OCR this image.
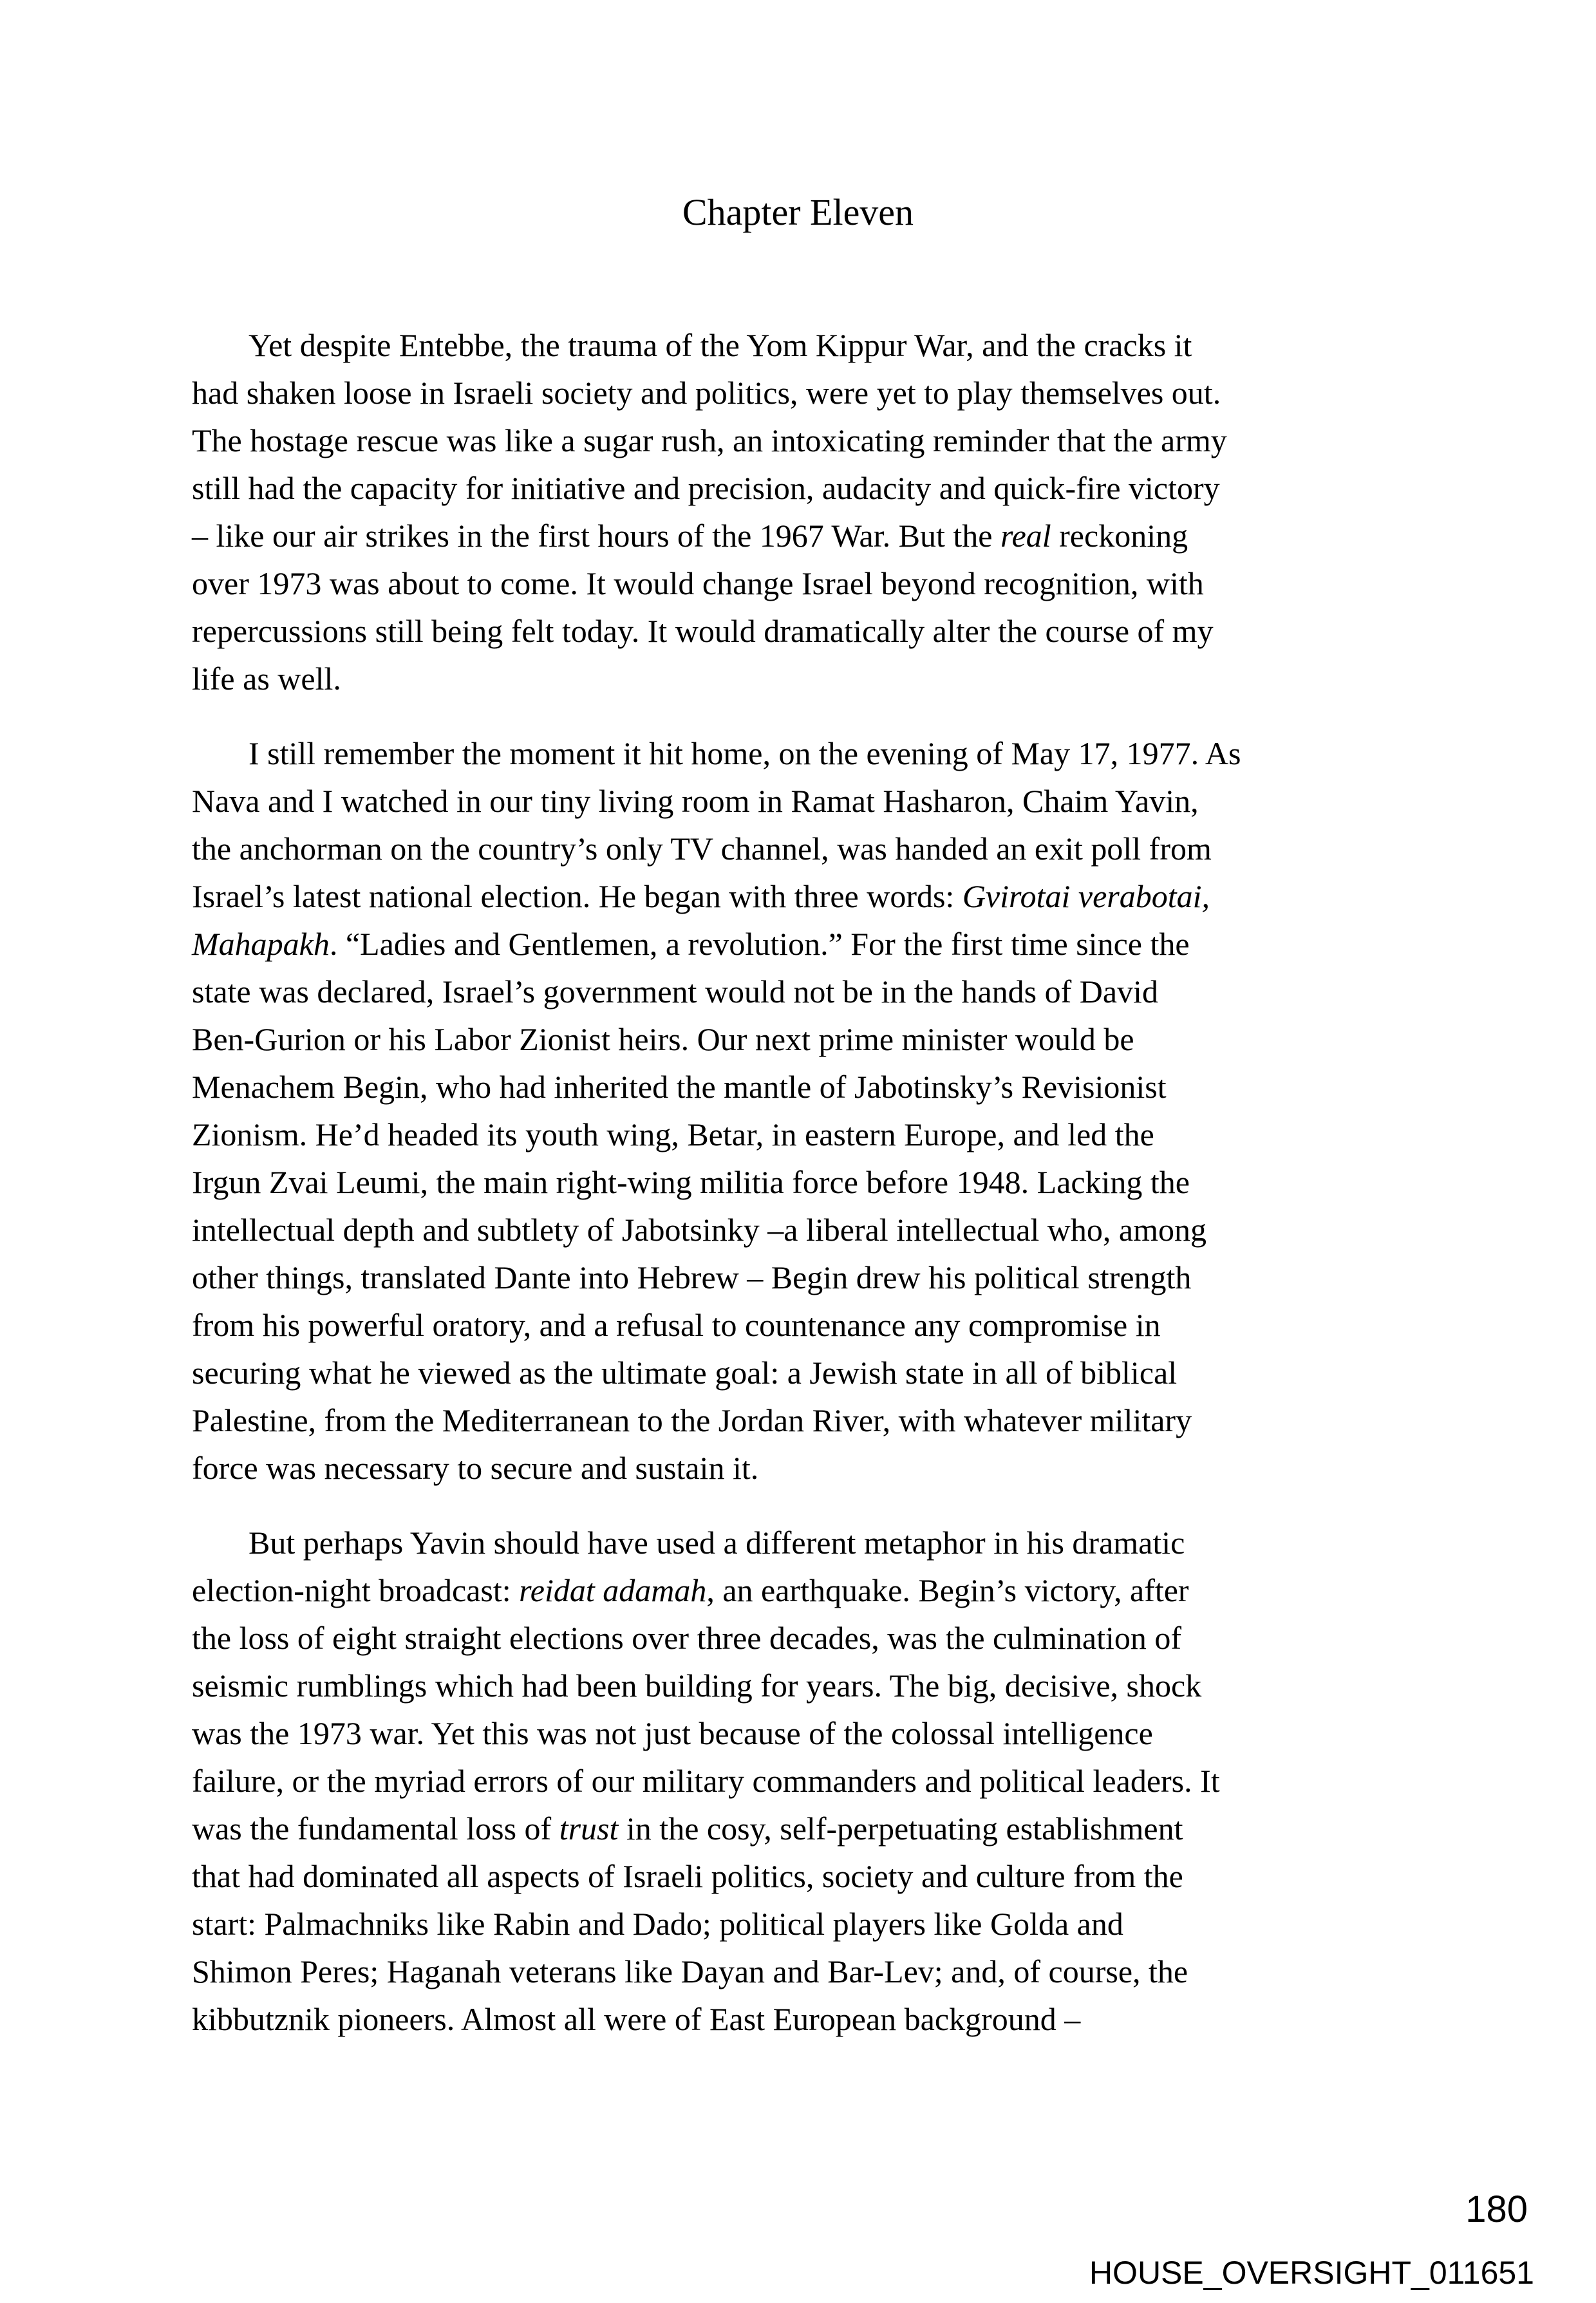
Chapter Eleven
Yet despite Entebbe, the trauma of the Yom Kippur War, and the cracks it
had shaken loose in Israeli society and politics, were yet to play themselves out.
The hostage rescue was like a sugar rush, an intoxicating reminder that the army
still had the capacity for initiative and precision, audacity and quick-fire victory
– like our air strikes in the first hours of the 1967 War. But the real reckoning
over 1973 was about to come. It would change Israel beyond recognition, with
repercussions still being felt today. It would dramatically alter the course of my
life as well.
I still remember the moment it hit home, on the evening of May 17, 1977. As
Nava and I watched in our tiny living room in Ramat Hasharon, Chaim Yavin,
the anchorman on the country’s only TV channel, was handed an exit poll from
Israel’s latest national election. He began with three words: Gvirotai verabotai,
Mahapakh. “Ladies and Gentlemen, a revolution.” For the first time since the
state was declared, Israel’s government would not be in the hands of David
Ben-Gurion or his Labor Zionist heirs. Our next prime minister would be
Menachem Begin, who had inherited the mantle of Jabotinsky’s Revisionist
Zionism. He’d headed its youth wing, Betar, in eastern Europe, and led the
Irgun Zvai Leumi, the main right-wing militia force before 1948. Lacking the
intellectual depth and subtlety of Jabotsinky –a liberal intellectual who, among
other things, translated Dante into Hebrew – Begin drew his political strength
from his powerful oratory, and a refusal to countenance any compromise in
securing what he viewed as the ultimate goal: a Jewish state in all of biblical
Palestine, from the Mediterranean to the Jordan River, with whatever military
force was necessary to secure and sustain it.
But perhaps Yavin should have used a different metaphor in his dramatic
election-night broadcast: reidat adamah, an earthquake. Begin’s victory, after
the loss of eight straight elections over three decades, was the culmination of
seismic rumblings which had been building for years. The big, decisive, shock
was the 1973 war. Yet this was not just because of the colossal intelligence
failure, or the myriad errors of our military commanders and political leaders. It
was the fundamental loss of trust in the cosy, self-perpetuating establishment
that had dominated all aspects of Israeli politics, society and culture from the
start: Palmachniks like Rabin and Dado; political players like Golda and
Shimon Peres; Haganah veterans like Dayan and Bar-Lev; and, of course, the
kibbutznik pioneers. Almost all were of East European background –
180
HOUSE_OVERSIGHT_011651
